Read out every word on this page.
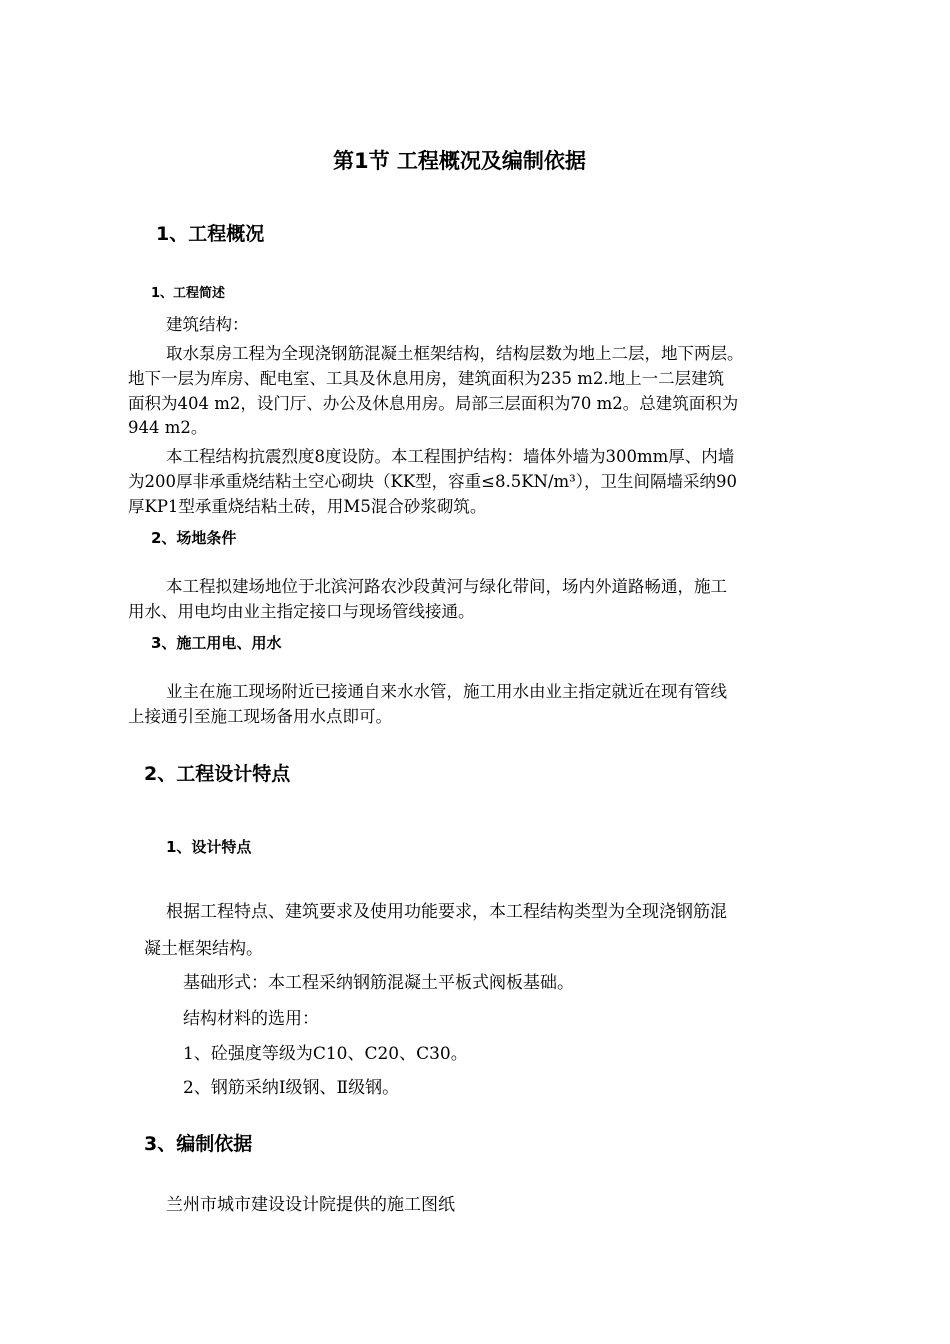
第1节 工程概况及编制依据
1、工程概况
1、工程简述
建筑结构：
取水泵房工程为全现浇钢筋混凝土框架结构，结构层数为地上二层，地下两层。
地下一层为库房、配电室、工具及休息用房，建筑面积为235 m2.地上一二层建筑
面积为404 m2，设门厅、办公及休息用房。局部三层面积为70 m2。总建筑面积为
944 m2。
本工程结构抗震烈度8度设防。本工程围护结构：墙体外墙为300mm厚、内墙
为200厚非承重烧结粘土空心砌块（KK型，容重≤8.5KN/m³），卫生间隔墙采纳90
厚KP1型承重烧结粘土砖，用M5混合砂浆砌筑。
2、场地条件
本工程拟建场地位于北滨河路农沙段黄河与绿化带间，场内外道路畅通，施工
用水、用电均由业主指定接口与现场管线接通。
3、施工用电、用水
业主在施工现场附近已接通自来水水管，施工用水由业主指定就近在现有管线
上接通引至施工现场备用水点即可。
2、工程设计特点
1、设计特点
根据工程特点、建筑要求及使用功能要求，本工程结构类型为全现浇钢筋混
凝土框架结构。
基础形式：本工程采纳钢筋混凝土平板式阀板基础。
结构材料的选用：
1、砼强度等级为C10、C20、C30。
2、钢筋采纳Ⅰ级钢、Ⅱ级钢。
3、编制依据
兰州市城市建设设计院提供的施工图纸
